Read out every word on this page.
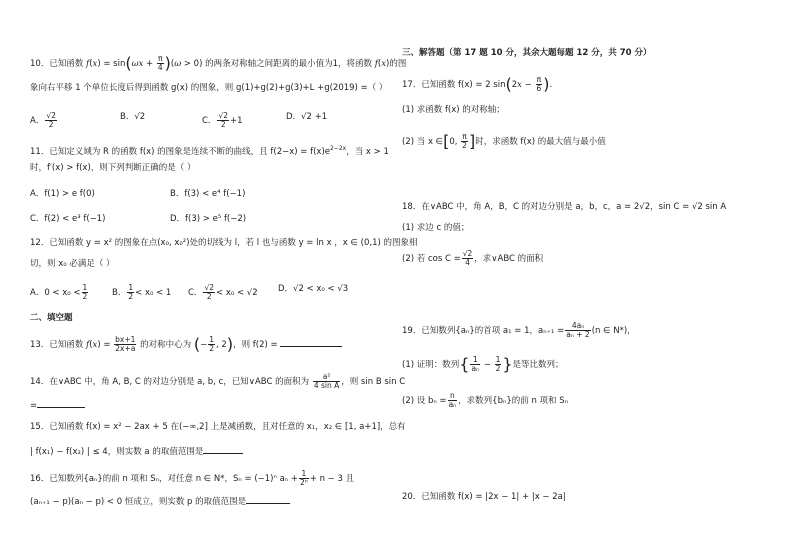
10．已知函数 $f(x) = \sin(\omega x + \frac{\pi}{4} )(\omega > 0)$ 的两条对称轴之间距离的最小值为1，将函数 f(x)的图
象向右平移 1 个单位长度后得到函数 g(x) 的图象，则 g(1)+g(2)+g(3)+L +g(2019) =（ ）
A． $\frac{√2}{2}$	B．√2	C． $\frac{√2}{2} +1$	D．√2 +1
11．已知定义域为 R 的函数 f(x) 的图象是连续不断的曲线，且 $f(2-x) = f(x)e^{2-2x}$，当 x > 1
时，f′(x) > f(x)，则下列判断正确的是（ ）
A．f(1) > e f(0)	B．f(3) < e⁴ f(−1)
C．f(2) < e³ f(−1)	D．f(3) > e⁵ f(−2)
12．已知函数 y = x² 的图象在点(x₀, x₀²)处的切线为 l，若 l 也与函数 y = ln x ，x ∈ (0,1) 的图象相
切，则 x₀ 必满足（ ）
A．$0 < x_0 < \frac{1}{2}$	B． $\frac{1}{2} < x_0 < 1$ C． $\frac{√2}{2} < x_0 < √2$ D．√2 < x₀ < √3
二、填空题
13．已知函数 $f(x) = \frac{bx+1}{2x+a}$ 的对称中心为 (− $\frac{1}{2}$ , 2)，则 f(2) =
14．在∨ABC 中，角 A, B, C 的对边分别是 a, b, c，已知∨ABC 的面积为 $\frac{\text{a²}}{\text{4 sin A}}$ ，则 sin B sin C
=
15．已知函数 f(x) = x² − 2ax + 5 在(−∞,2] 上是减函数，且对任意的 x₁，x₂ ∈ [1, a+1]，总有
| f(x₁) − f(x₂) | ≤ 4，则实数 a 的取值范围是
16．已知数列{aₙ}的前 n 项和 Sₙ，对任意 n ∈ N*，Sₙ = (−1)ⁿ $a_n + \frac{1}{\text{2ⁿ}} + n - 3$ 且
(aₙ₊₁ − p)(aₙ − p) < 0 恒成立，则实数 p 的取值范围是
三、解答题（第 17 题 10 分，其余大题每题 12 分，共 70 分）
17．已知函数 f(x) = 2 $\sin(2x - \frac{\pi}{6}$ ).
(1) 求函数 f(x) 的对称轴；
(2) 当 x ∈[0, $\frac{\pi}{2}$ ]时，求函数 f(x) 的最大值与最小值
18．在∨ABC 中，角 A，B，C 的对边分别是 a，b，c，a = 2√2，sin C = √2 sin A
(1) 求边 c 的值；
(2) 若 $\cos C = \frac{√2}{4}$ ，求∨ABC 的面积
19．已知数列{aₙ}的首项 a₁ = 1，$a_{n+1} = \frac{\text{4aₙ}}{\text{aₙ + 2}} (n$ ∈ N*)，
(1) 证明：数列{ $\frac{1}{\text{aₙ}} - \frac{1}{2}$ }是等比数列；
(2) 设 $b_n = \frac{n}{\text{aₙ}}$ ，求数列{bₙ}的前 n 项和 Sₙ
20．已知函数 f(x) = |2x − 1| + |x − 2a|
